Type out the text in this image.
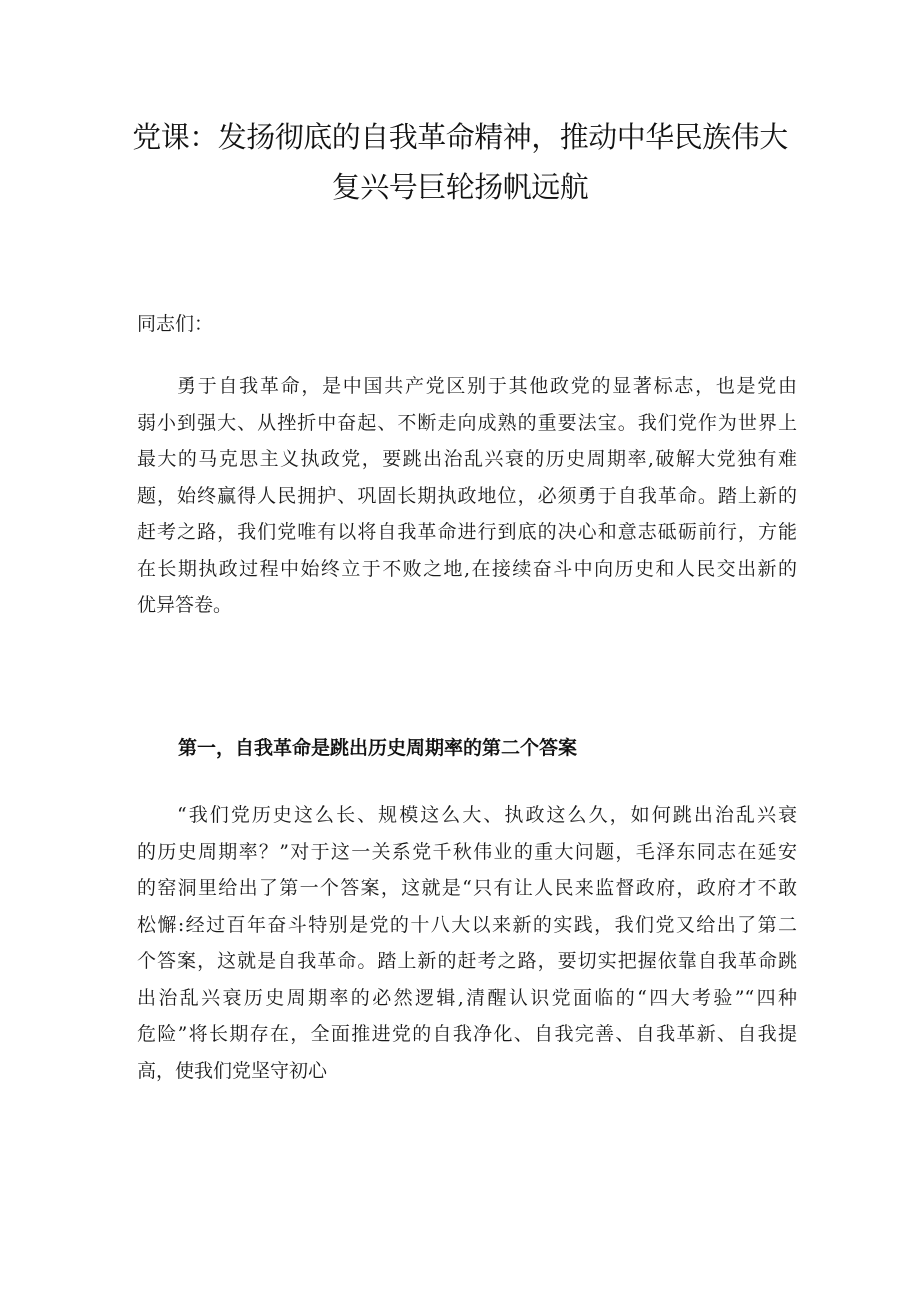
党课：发扬彻底的自我革命精神，推动中华民族伟大
复兴号巨轮扬帆远航
同志们：
勇于自我革命，是中国共产党区别于其他政党的显著标志，也是党由
弱小到强大、从挫折中奋起、不断走向成熟的重要法宝。我们党作为世界上
最大的马克思主义执政党，要跳出治乱兴衰的历史周期率,破解大党独有难
题，始终赢得人民拥护、巩固长期执政地位，必须勇于自我革命。踏上新的
赶考之路，我们党唯有以将自我革命进行到底的决心和意志砥砺前行，方能
在长期执政过程中始终立于不败之地,在接续奋斗中向历史和人民交出新的
优异答卷。
第一，自我革命是跳出历史周期率的第二个答案
“我们党历史这么长、规模这么大、执政这么久，如何跳出治乱兴衰
的历史周期率？”对于这一关系党千秋伟业的重大问题，毛泽东同志在延安
的窑洞里给出了第一个答案，这就是“只有让人民来监督政府，政府才不敢
松懈:经过百年奋斗特别是党的十八大以来新的实践，我们党又给出了第二
个答案，这就是自我革命。踏上新的赶考之路，要切实把握依靠自我革命跳
出治乱兴衰历史周期率的必然逻辑,清醒认识党面临的“四大考验”“四种
危险”将长期存在，全面推进党的自我净化、自我完善、自我革新、自我提
高，使我们党坚守初心
